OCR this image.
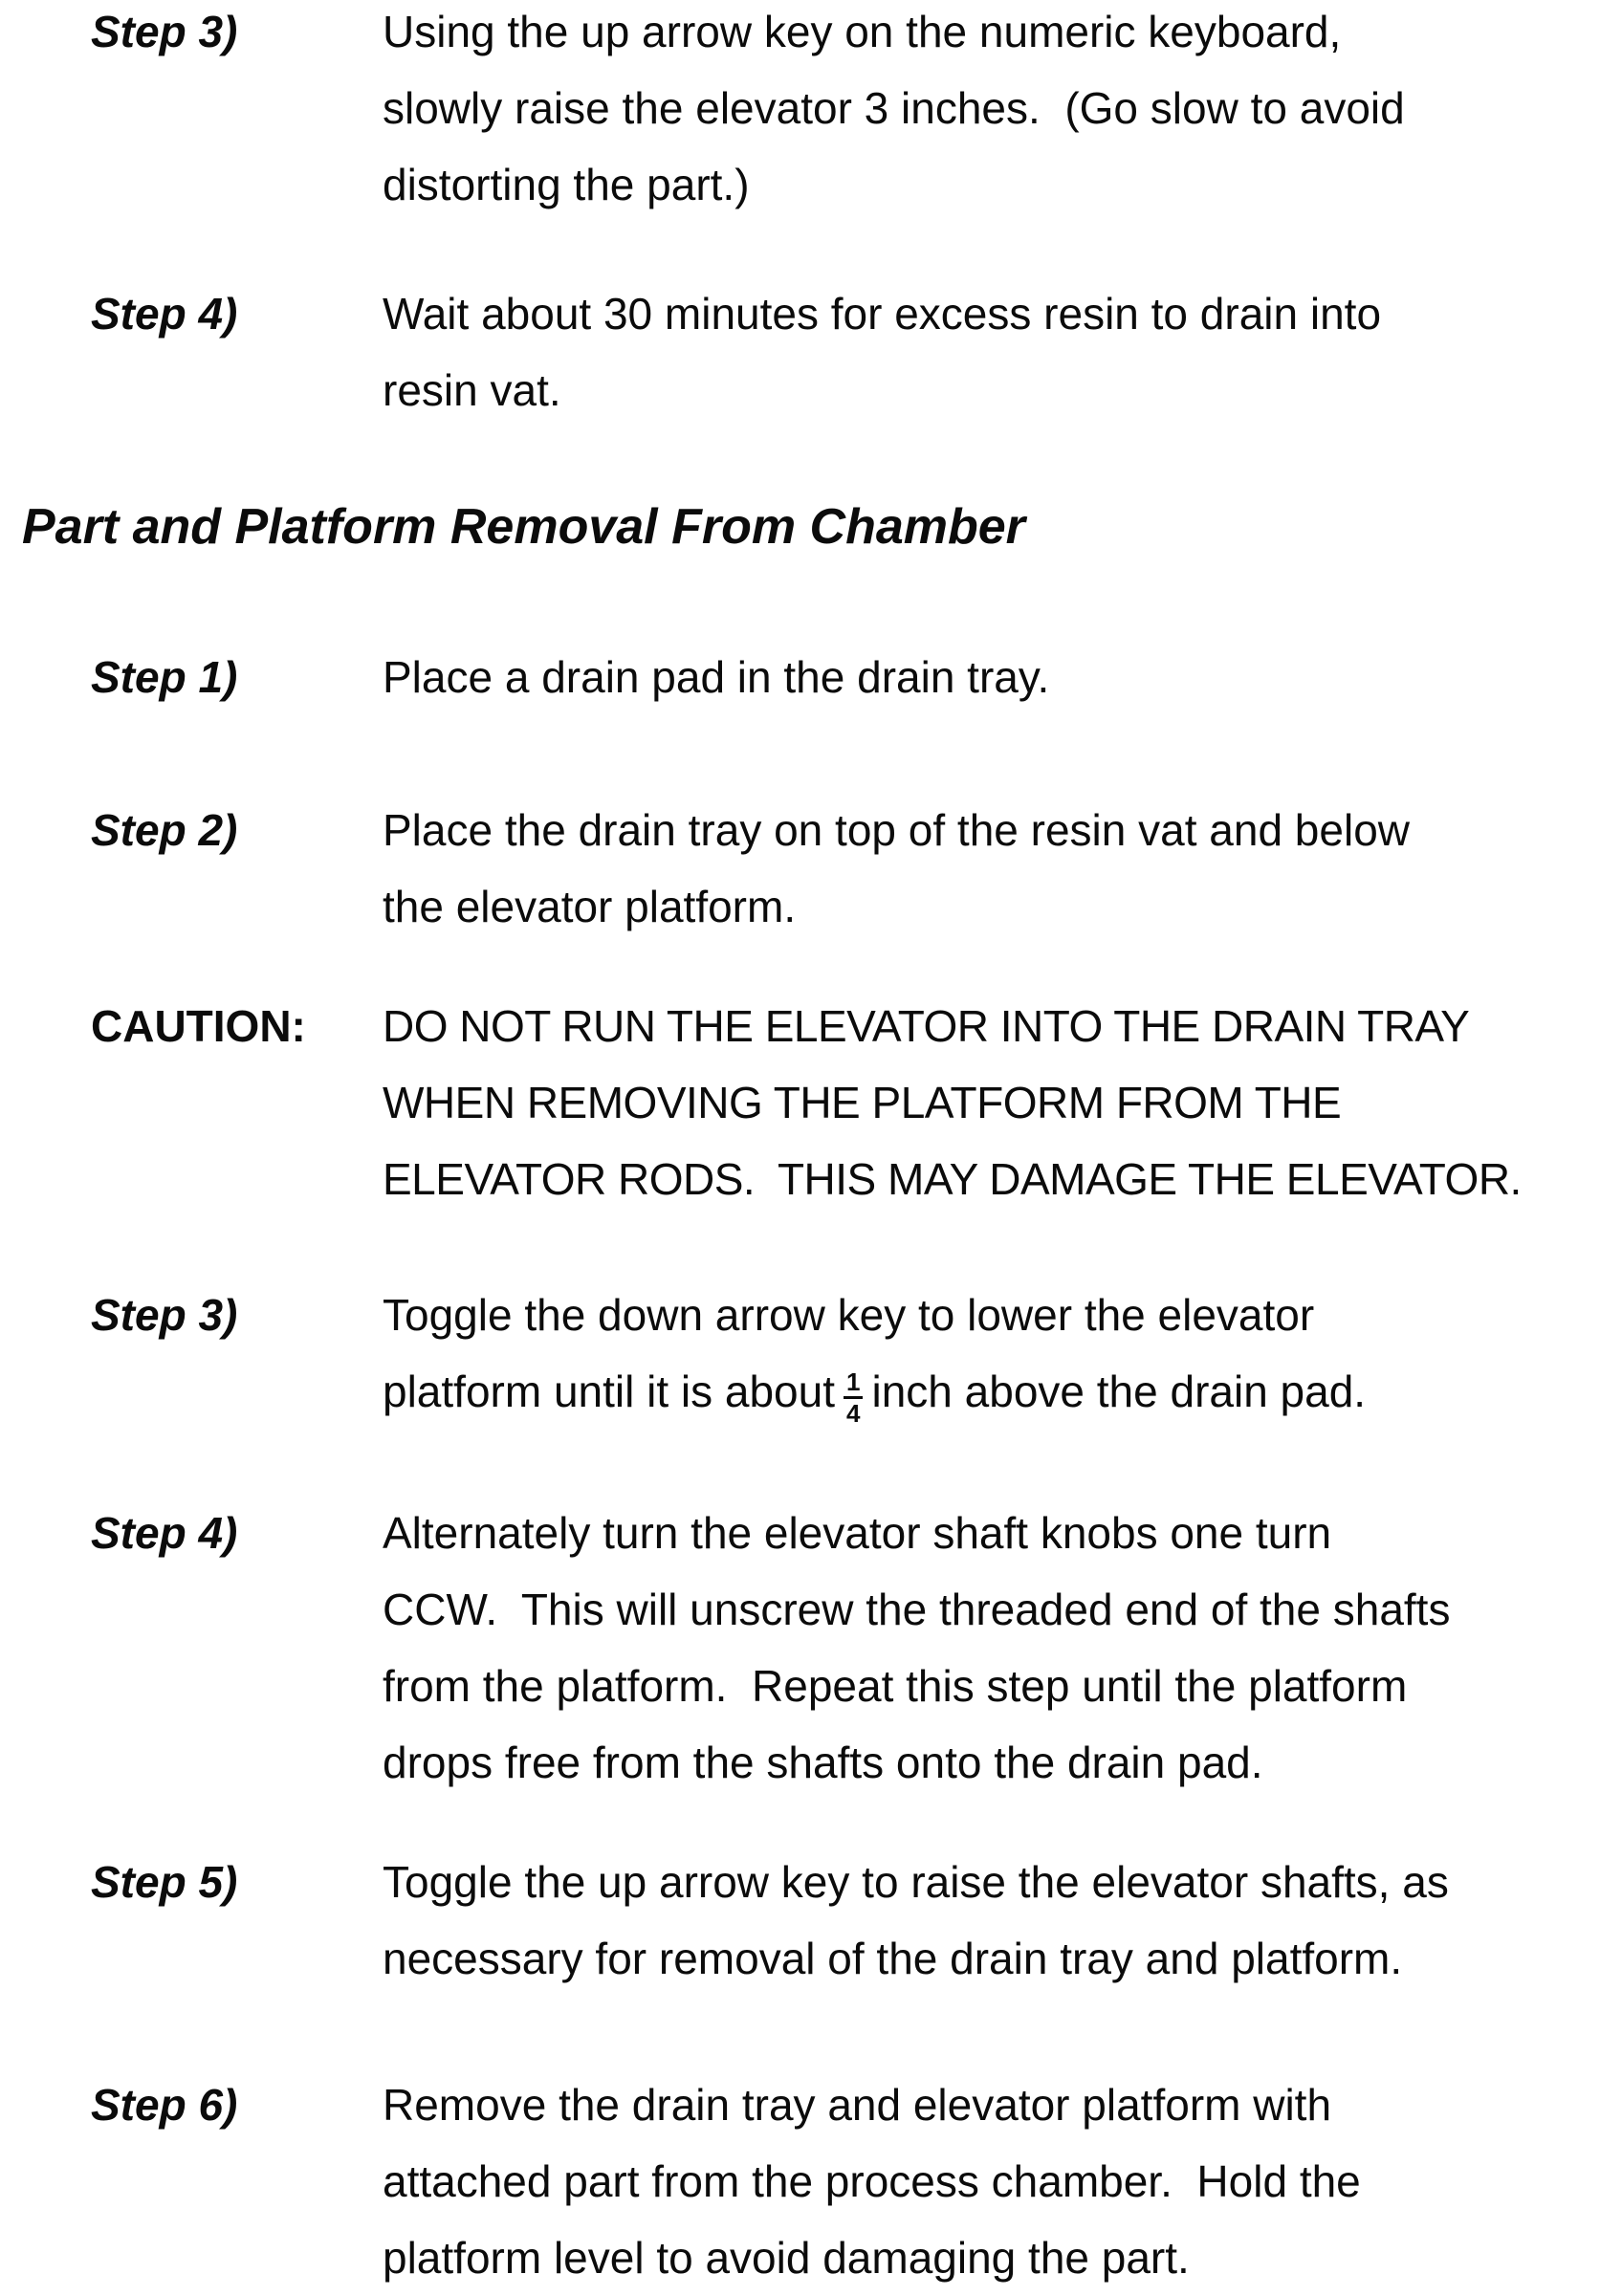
Step 3)	Using the up arrow key on the numeric keyboard,
slowly raise the elevator 3 inches.  (Go slow to avoid
distorting the part.)
Step 4)	Wait about 30 minutes for excess resin to drain into
resin vat.
Part and Platform Removal From Chamber
Step 1)	Place a drain pad in the drain tray.
Step 2)	Place the drain tray on top of the resin vat and below
the elevator platform.
CAUTION:	DO NOT RUN THE ELEVATOR INTO THE DRAIN TRAY
WHEN REMOVING THE PLATFORM FROM THE
ELEVATOR RODS.  THIS MAY DAMAGE THE ELEVATOR.
Step 3)	Toggle the down arrow key to lower the elevator
platform until it is about $\frac{1}{4}$ inch above the drain pad.
Step 4)	Alternately turn the elevator shaft knobs one turn
CCW.  This will unscrew the threaded end of the shafts
from the platform.  Repeat this step until the platform
drops free from the shafts onto the drain pad.
Step 5)	Toggle the up arrow key to raise the elevator shafts, as
necessary for removal of the drain tray and platform.
Step 6)	Remove the drain tray and elevator platform with
attached part from the process chamber.  Hold the
platform level to avoid damaging the part.
